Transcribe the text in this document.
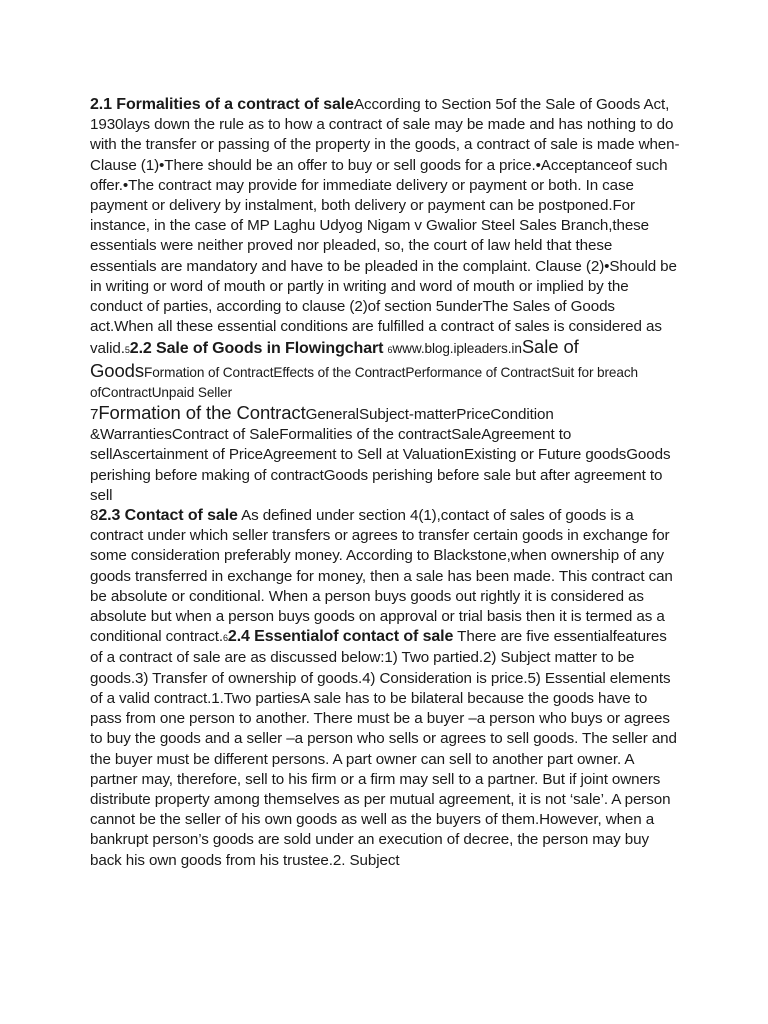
2.1 Formalities of a contract of saleAccording to Section 5of the Sale of Goods Act, 1930lays down the rule as to how a contract of sale may be made and has nothing to do with the transfer or passing of the property in the goods, a contract of sale is made when-Clause (1)•There should be an offer to buy or sell goods for a price.•Acceptanceof such offer.•The contract may provide for immediate delivery or payment or both. In case payment or delivery by instalment, both delivery or payment can be postponed.For instance, in the case of MP Laghu Udyog Nigam v Gwalior Steel Sales Branch,these essentials were neither proved nor pleaded, so, the court of law held that these essentials are mandatory and have to be pleaded in the complaint. Clause (2)•Should be in writing or word of mouth or partly in writing and word of mouth or implied by the conduct of parties, according to clause (2)of section 5underThe Sales of Goods act.When all these essential conditions are fulfilled a contract of sales is considered as valid.52.2 Sale of Goods in Flowingchart 6www.blog.ipleaders.inSale of GoodsFormation of ContractEffects of the ContractPerformance of ContractSuit for breach ofContractUnpaid Seller

7Formation of the ContractGeneralSubject-matterPriceCondition &WarrantiesContract of SaleFormalities of the contractSaleAgreement to sellAscertainment of PriceAgreement to Sell at ValuationExisting or Future goodsGoods perishing before making of contractGoods perishing before sale but after agreement to sell

82.3 Contact of sale As defined under section 4(1),contact of sales of goods is a contract under which seller transfers or agrees to transfer certain goods in exchange for some consideration preferably money. According to Blackstone,when ownership of any goods transferred in exchange for money, then a sale has been made. This contract can be absolute or conditional. When a person buys goods out rightly it is considered as absolute but when a person buys goods on approval or trial basis then it is termed as a conditional contract.62.4 Essentialof contact of sale There are five essentialfeatures of a contract of sale are as discussed below:1) Two partied.2) Subject matter to be goods.3) Transfer of ownership of goods.4) Consideration is price.5) Essential elements of a valid contract.1.Two partiesA sale has to be bilateral because the goods have to pass from one person to another. There must be a buyer –a person who buys or agrees to buy the goods and a seller –a person who sells or agrees to sell goods. The seller and the buyer must be different persons. A part owner can sell to another part owner. A partner may, therefore, sell to his firm or a firm may sell to a partner. But if joint owners distribute property among themselves as per mutual agreement, it is not ‘sale’. A person cannot be the seller of his own goods as well as the buyers of them.However, when a bankrupt person’s goods are sold under an execution of decree, the person may buy back his own goods from his trustee.2. Subject
